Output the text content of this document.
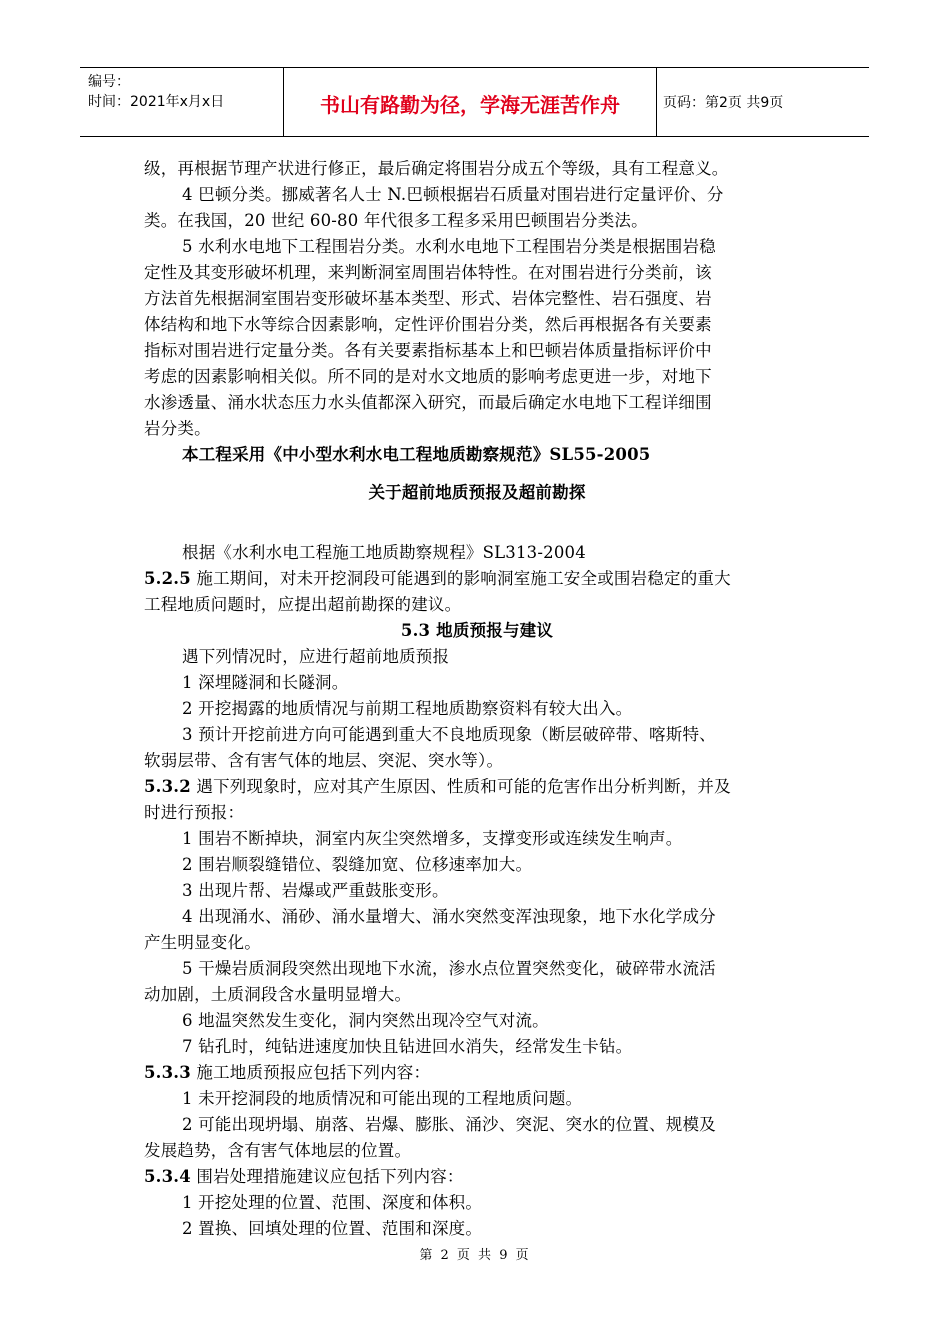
编号：
时间：2021年x月x日	书山有路勤为径，学海无涯苦作舟	页码：第2页 共9页
级，再根据节理产状进行修正，最后确定将围岩分成五个等级，具有工程意义。
4 巴顿分类。挪威著名人士 N.巴顿根据岩石质量对围岩进行定量评价、分
类。在我国，20 世纪 60-80 年代很多工程多采用巴顿围岩分类法。
5 水利水电地下工程围岩分类。水利水电地下工程围岩分类是根据围岩稳
定性及其变形破坏机理，来判断洞室周围岩体特性。在对围岩进行分类前，该
方法首先根据洞室围岩变形破坏基本类型、形式、岩体完整性、岩石强度、岩
体结构和地下水等综合因素影响，定性评价围岩分类，然后再根据各有关要素
指标对围岩进行定量分类。各有关要素指标基本上和巴顿岩体质量指标评价中
考虑的因素影响相关似。所不同的是对水文地质的影响考虑更进一步，对地下
水渗透量、涌水状态压力水头值都深入研究，而最后确定水电地下工程详细围
岩分类。
本工程采用《中小型水利水电工程地质勘察规范》SL55-2005
关于超前地质预报及超前勘探
根据《水利水电工程施工地质勘察规程》SL313-2004
5.2.5 施工期间，对未开挖洞段可能遇到的影响洞室施工安全或围岩稳定的重大
工程地质问题时，应提出超前勘探的建议。
5.3 地质预报与建议
遇下列情况时，应进行超前地质预报
1 深埋隧洞和长隧洞。
2 开挖揭露的地质情况与前期工程地质勘察资料有较大出入。
3 预计开挖前进方向可能遇到重大不良地质现象（断层破碎带、喀斯特、
软弱层带、含有害气体的地层、突泥、突水等）。
5.3.2 遇下列现象时，应对其产生原因、性质和可能的危害作出分析判断，并及
时进行预报：
1 围岩不断掉块，洞室内灰尘突然增多，支撑变形或连续发生响声。
2 围岩顺裂缝错位、裂缝加宽、位移速率加大。
3 出现片帮、岩爆或严重鼓胀变形。
4 出现涌水、涌砂、涌水量增大、涌水突然变浑浊现象，地下水化学成分
产生明显变化。
5 干燥岩质洞段突然出现地下水流，渗水点位置突然变化，破碎带水流活
动加剧，土质洞段含水量明显增大。
6 地温突然发生变化，洞内突然出现冷空气对流。
7 钻孔时，纯钻进速度加快且钻进回水消失，经常发生卡钻。
5.3.3 施工地质预报应包括下列内容：
1 未开挖洞段的地质情况和可能出现的工程地质问题。
2 可能出现坍塌、崩落、岩爆、膨胀、涌沙、突泥、突水的位置、规模及
发展趋势，含有害气体地层的位置。
5.3.4 围岩处理措施建议应包括下列内容：
1 开挖处理的位置、范围、深度和体积。
2 置换、回填处理的位置、范围和深度。
第 2 页 共 9 页
